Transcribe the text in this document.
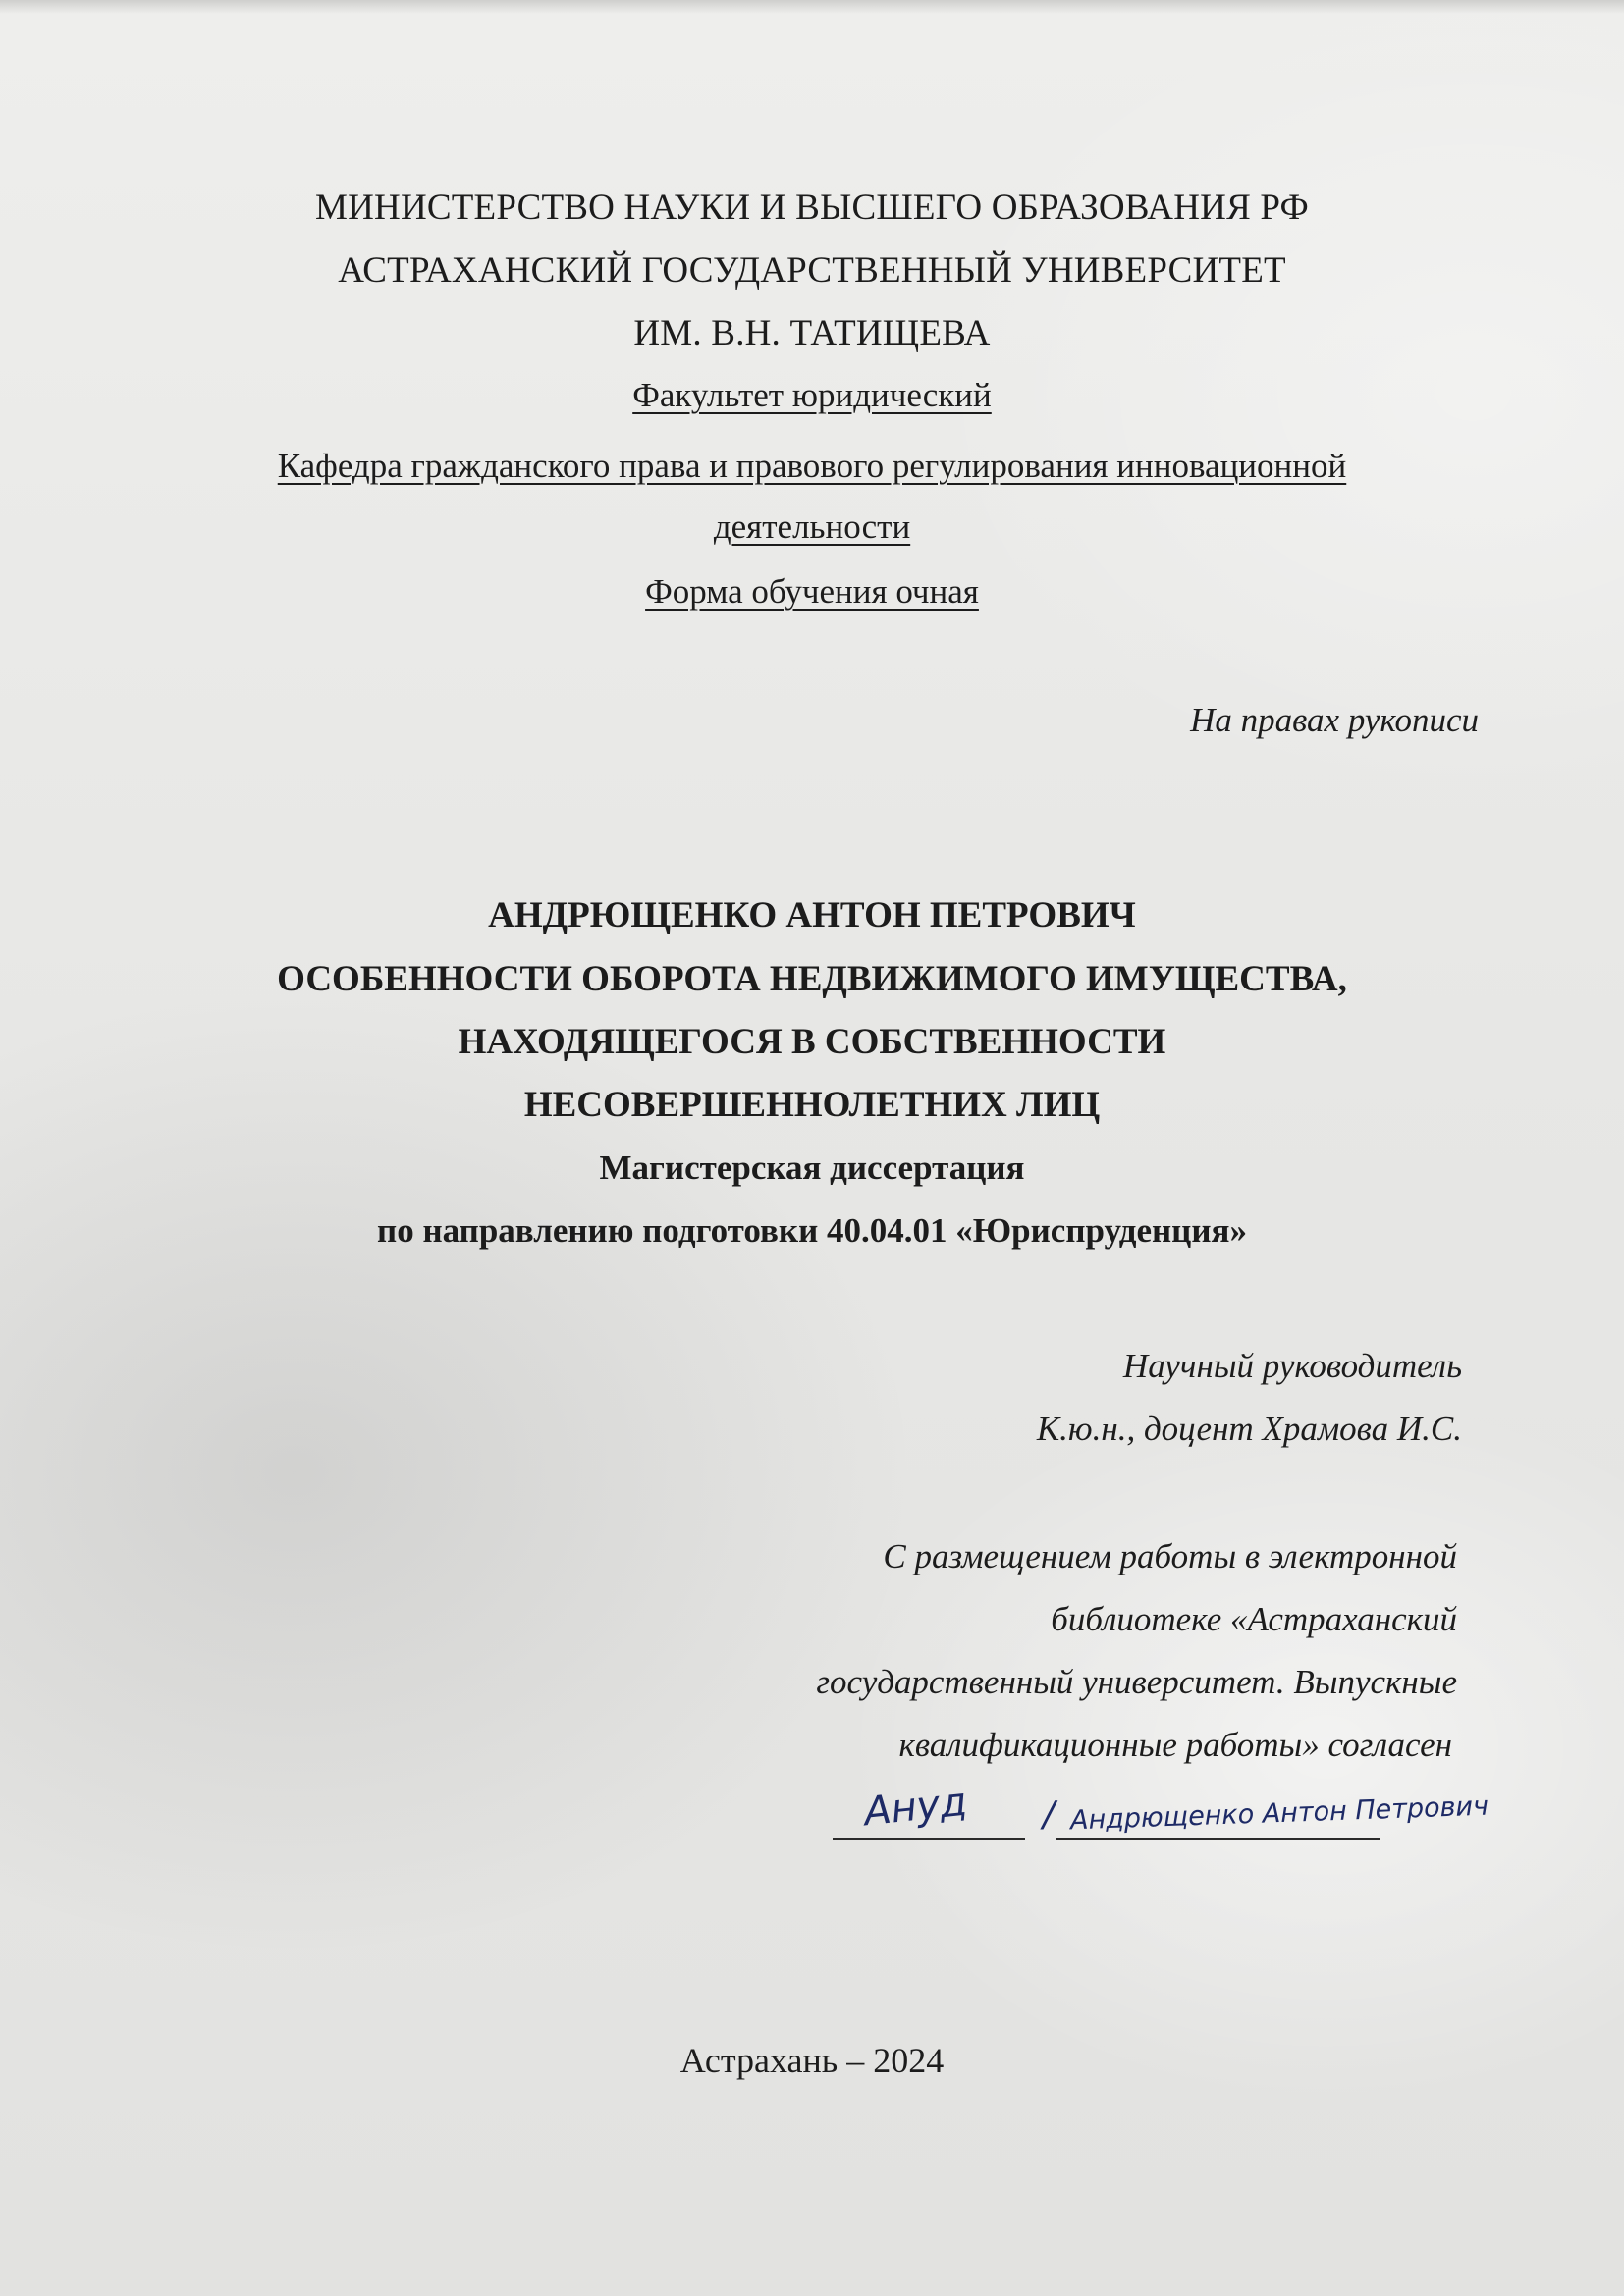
МИНИСТЕРСТВО НАУКИ И ВЫСШЕГО ОБРАЗОВАНИЯ РФ
АСТРАХАНСКИЙ ГОСУДАРСТВЕННЫЙ УНИВЕРСИТЕТ
ИМ. В.Н. ТАТИЩЕВА
Факультет юридический
Кафедра гражданского права и правового регулирования инновационной
деятельности
Форма обучения очная
На правах рукописи
АНДРЮЩЕНКО АНТОН ПЕТРОВИЧ
ОСОБЕННОСТИ ОБОРОТА НЕДВИЖИМОГО ИМУЩЕСТВА,
НАХОДЯЩЕГОСЯ В СОБСТВЕННОСТИ
НЕСОВЕРШЕННОЛЕТНИХ ЛИЦ
Магистерская диссертация
по направлению подготовки 40.04.01 «Юриспруденция»
Научный руководитель
К.ю.н., доцент Храмова И.С.
С размещением работы в электронной
библиотеке «Астраханский
государственный университет. Выпускные
квалификационные работы» согласен
Ануд / Андрющенко Антон Петрович
Астрахань – 2024
